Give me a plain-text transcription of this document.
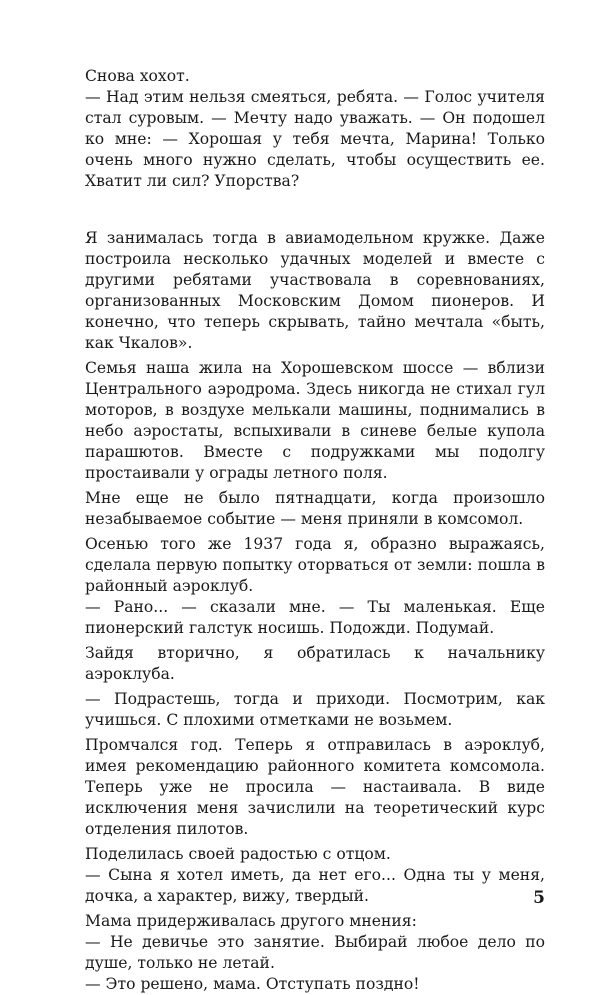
Снова хохот.

— Над этим нельзя смеяться, ребята. — Голос учителя стал суровым. — Мечту надо уважать. — Он подошел ко мне: — Хорошая у тебя мечта, Марина! Только очень много нужно сделать, чтобы осуществить ее. Хватит ли сил? Упорства?

Я занималась тогда в авиамодельном кружке. Даже построила несколько удачных моделей и вместе с другими ребятами участвовала в соревнованиях, организованных Московским Домом пионеров. И конечно, что теперь скрывать, тайно мечтала «быть, как Чкалов».

Семья наша жила на Хорошевском шоссе — вблизи Центрального аэродрома. Здесь никогда не стихал гул моторов, в воздухе мелькали машины, поднимались в небо аэростаты, вспыхивали в синеве белые купола парашютов. Вместе с подружками мы подолгу простаивали у ограды летного поля.

Мне еще не было пятнадцати, когда произошло незабываемое событие — меня приняли в комсомол.

Осенью того же 1937 года я, образно выражаясь, сделала первую попытку оторваться от земли: пошла в районный аэроклуб.

— Рано... — сказали мне. — Ты маленькая. Еще пионерский галстук носишь. Подожди. Подумай.

Зайдя вторично, я обратилась к начальнику аэроклуба.

— Подрастешь, тогда и приходи. Посмотрим, как учишься. С плохими отметками не возьмем.

Промчался год. Теперь я отправилась в аэроклуб, имея рекомендацию районного комитета комсомола. Теперь уже не просила — настаивала. В виде исключения меня зачислили на теоретический курс отделения пилотов.

Поделилась своей радостью с отцом.

— Сына я хотел иметь, да нет его... Одна ты у меня, дочка, а характер, вижу, твердый.

Мама придерживалась другого мнения:

— Не девичье это занятие. Выбирай любое дело по душе, только не летай.

— Это решено, мама. Отступать поздно!

5
